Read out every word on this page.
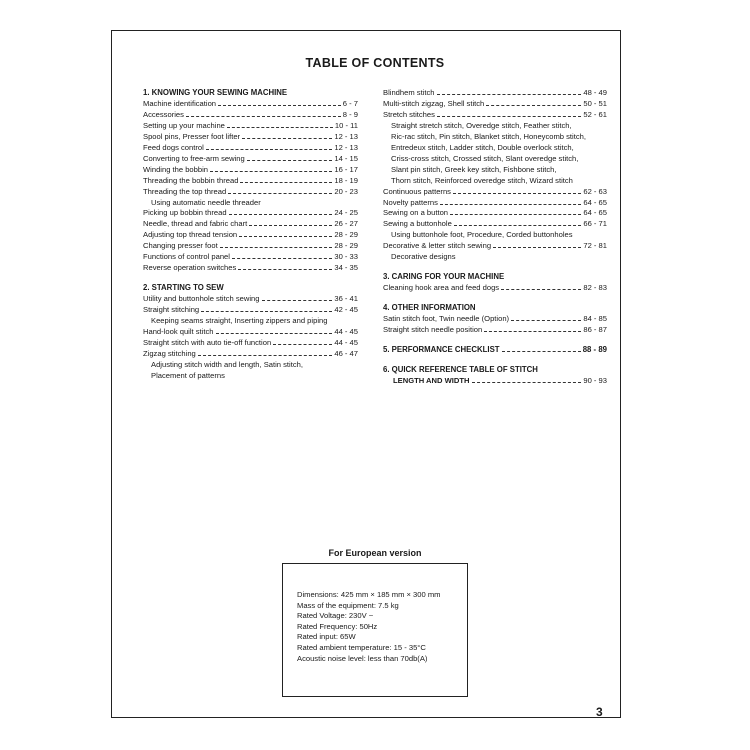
TABLE OF CONTENTS
1. KNOWING YOUR SEWING MACHINE
Machine identification	6 - 7
Accessories	8 - 9
Setting up your machine	10 - 11
Spool pins, Presser foot lifter	12 - 13
Feed dogs control	12 - 13
Converting to free-arm sewing	14 - 15
Winding the bobbin	16 - 17
Threading the bobbin thread	18 - 19
Threading the top thread	20 - 23
Using automatic needle threader
Picking up bobbin thread	24 - 25
Needle, thread and fabric chart	26 - 27
Adjusting top thread tension	28 - 29
Changing presser foot	28 - 29
Functions of control panel	30 - 33
Reverse operation switches	34 - 35
2. STARTING TO SEW
Utility and buttonhole stitch sewing	36 - 41
Straight stitching	42 - 45
Keeping seams straight, Inserting zippers and piping
Hand-look quilt stitch	44 - 45
Straight stitch with auto tie-off function	44 - 45
Zigzag stitching	46 - 47
Adjusting stitch width and length, Satin stitch,
Placement of patterns
Blindhem stitch	48 - 49
Multi-stitch zigzag, Shell stitch	50 - 51
Stretch stitches	52 - 61
Straight stretch stitch, Overedge stitch, Feather stitch,
Ric-rac stitch, Pin stitch, Blanket stitch, Honeycomb stitch,
Entredeux stitch, Ladder stitch, Double overlock stitch,
Criss-cross stitch, Crossed stitch, Slant overedge stitch,
Slant pin stitch, Greek key stitch, Fishbone stitch,
Thorn stitch, Reinforced overedge stitch, Wizard stitch
Continuous patterns	62 - 63
Novelty patterns	64 - 65
Sewing on a button	64 - 65
Sewing a buttonhole	66 - 71
Using buttonhole foot, Procedure, Corded buttonholes
Decorative & letter stitch sewing	72 - 81
Decorative designs
3. CARING FOR YOUR MACHINE
Cleaning hook area and feed dogs	82 - 83
4. OTHER INFORMATION
Satin stitch foot, Twin needle (Option)	84 - 85
Straight stitch needle position	86 - 87
5. PERFORMANCE CHECKLIST	88 - 89
6. QUICK REFERENCE TABLE OF STITCH
LENGTH AND WIDTH	90 - 93
For European version
Dimensions: 425 mm × 185 mm × 300 mm
Mass of the equipment: 7.5 kg
Rated Voltage: 230V ~
Rated Frequency: 50Hz
Rated input: 65W
Rated ambient temperature: 15 - 35°C
Acoustic noise level: less than 70db(A)
3
